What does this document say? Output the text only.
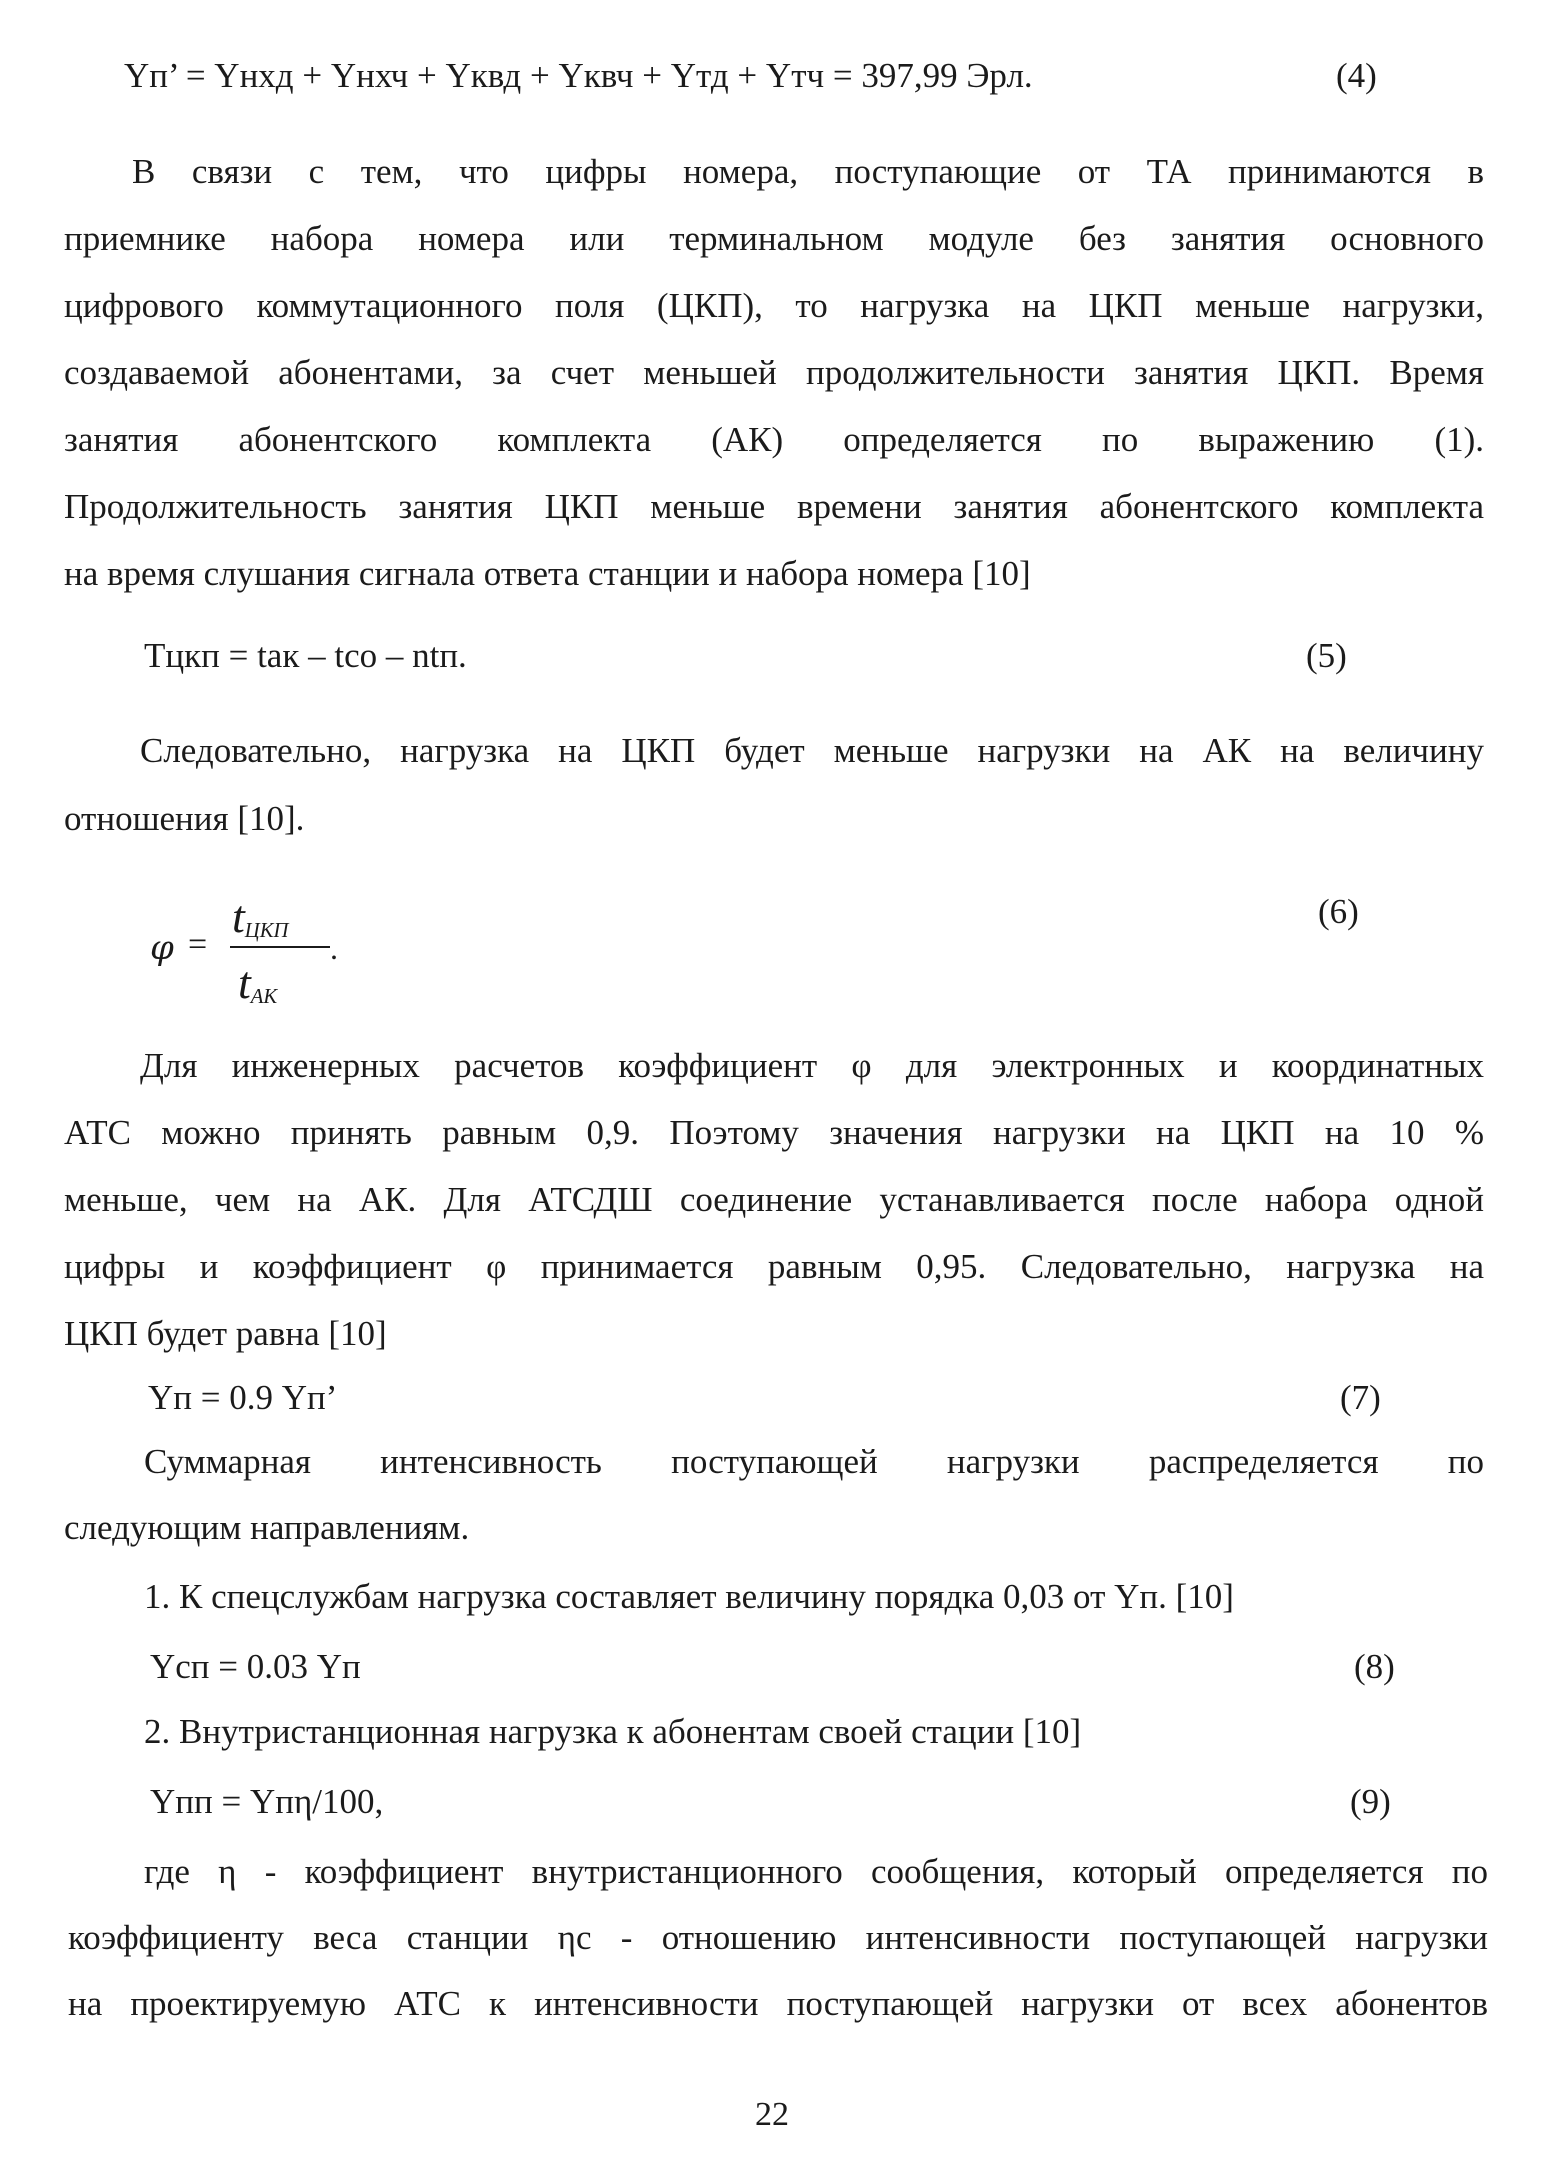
Yп’ = Yнхд + Yнхч + Yквд + Yквч + Yтд + Yтч = 397,99 Эрл.	(4)
В связи с тем, что цифры номера, поступающие от ТА принимаются в
приемнике набора номера или терминальном модуле без занятия основного
цифрового коммутационного поля (ЦКП), то нагрузка на ЦКП меньше нагрузки,
создаваемой абонентами, за счет меньшей продолжительности занятия ЦКП. Время
занятия абонентского комплекта (АК) определяется по выражению (1).
Продолжительность занятия ЦКП меньше времени занятия абонентского комплекта
на время слушания сигнала ответа станции и набора номера [10]
Tцкп = tак – tсо – ntп.	(5)
Следовательно, нагрузка на ЦКП будет меньше нагрузки на АК на величину
отношения [10].
φ =
$t_{ЦКП}$
$t_{АК}$
.
(6)
Для инженерных расчетов коэффициент φ для электронных и координатных
АТС можно принять равным 0,9. Поэтому значения нагрузки на ЦКП на 10 %
меньше, чем на АК. Для АТСДШ соединение устанавливается после набора одной
цифры и коэффициент φ принимается равным 0,95. Следовательно, нагрузка на
ЦКП будет равна [10]
Yп = 0.9 Yп’	(7)
Суммарная интенсивность поступающей нагрузки распределяется по
следующим направлениям.
1. К спецслужбам нагрузка составляет величину порядка 0,03 от Yп. [10]
Yсп = 0.03 Yп	(8)
2. Внутристанционная нагрузка к абонентам своей стации [10]
Yпп = Yпη/100,	(9)
где η - коэффициент внутристанционного сообщения, который определяется по
коэффициенту веса станции ηс - отношению интенсивности поступающей нагрузки
на проектируемую АТС к интенсивности поступающей нагрузки от всех абонентов
22
